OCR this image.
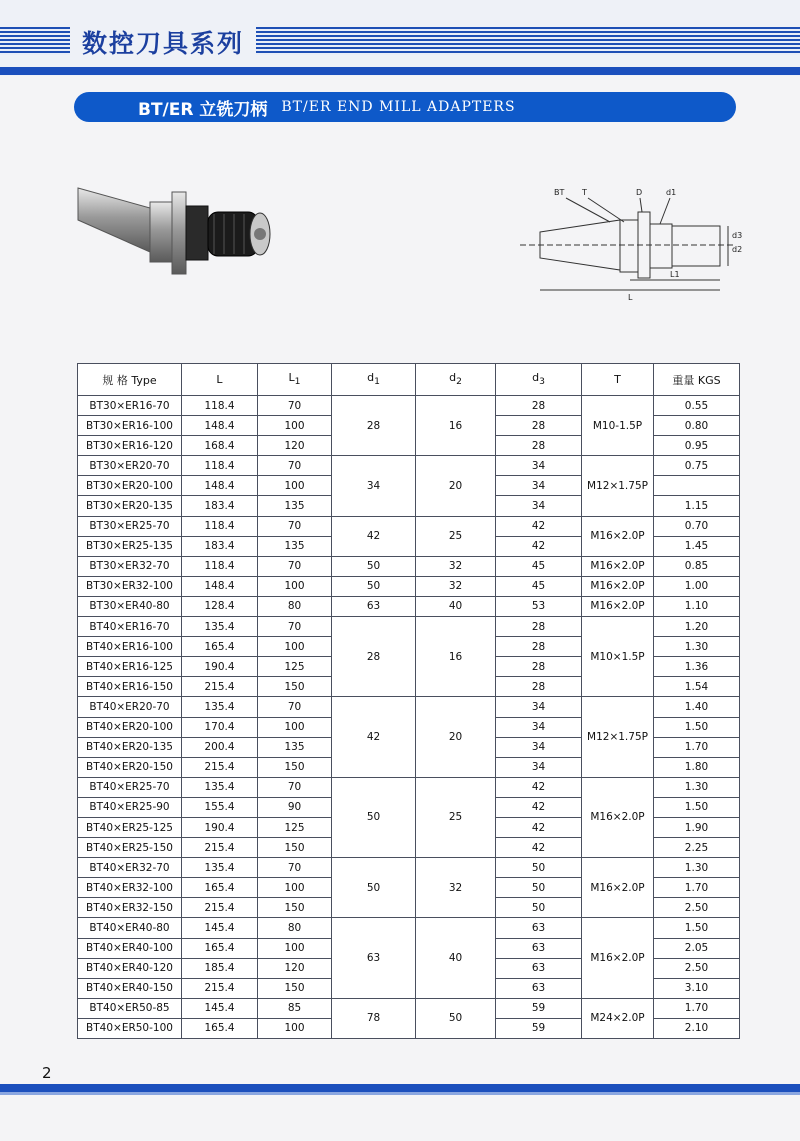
数控刀具系列
BT/ER 立铣刀柄 BT/ER END MILL ADAPTERS
BT T	D	d1
d3
d2
L1
L
规 格 Type	L	$L_1$	$d_1$	$d_2$	$d_3$	T	重量 KGS
BT30×ER16-70	118.4	70	28	16	28	M10-1.5P	0.55
BT30×ER16-100	148.4	100			28		0.80
BT30×ER16-120	168.4	120			28		0.95
BT30×ER20-70	118.4	70	34	20	34	M12×1.75P	0.75
BT30×ER20-100	148.4	100			34		
BT30×ER20-135	183.4	135			34		1.15
BT30×ER25-70	118.4	70	42	25	42	M16×2.0P	0.70
BT30×ER25-135	183.4	135			42		1.45
BT30×ER32-70	118.4	70	50	32	45	M16×2.0P	0.85
BT30×ER32-100	148.4	100	50	32	45	M16×2.0P	1.00
BT30×ER40-80	128.4	80	63	40	53	M16×2.0P	1.10
BT40×ER16-70	135.4	70	28	16	28	M10×1.5P	1.20
BT40×ER16-100	165.4	100			28		1.30
BT40×ER16-125	190.4	125			28		1.36
BT40×ER16-150	215.4	150			28		1.54
BT40×ER20-70	135.4	70	42	20	34	M12×1.75P	1.40
BT40×ER20-100	170.4	100			34		1.50
BT40×ER20-135	200.4	135			34		1.70
BT40×ER20-150	215.4	150			34		1.80
BT40×ER25-70	135.4	70	50	25	42	M16×2.0P	1.30
BT40×ER25-90	155.4	90			42		1.50
BT40×ER25-125	190.4	125			42		1.90
BT40×ER25-150	215.4	150			42		2.25
BT40×ER32-70	135.4	70	50	32	50	M16×2.0P	1.30
BT40×ER32-100	165.4	100			50		1.70
BT40×ER32-150	215.4	150			50		2.50
BT40×ER40-80	145.4	80	63	40	63	M16×2.0P	1.50
BT40×ER40-100	165.4	100			63		2.05
BT40×ER40-120	185.4	120			63		2.50
BT40×ER40-150	215.4	150			63		3.10
BT40×ER50-85	145.4	85	78	50	59	M24×2.0P	1.70
BT40×ER50-100	165.4	100			59		2.10
2
